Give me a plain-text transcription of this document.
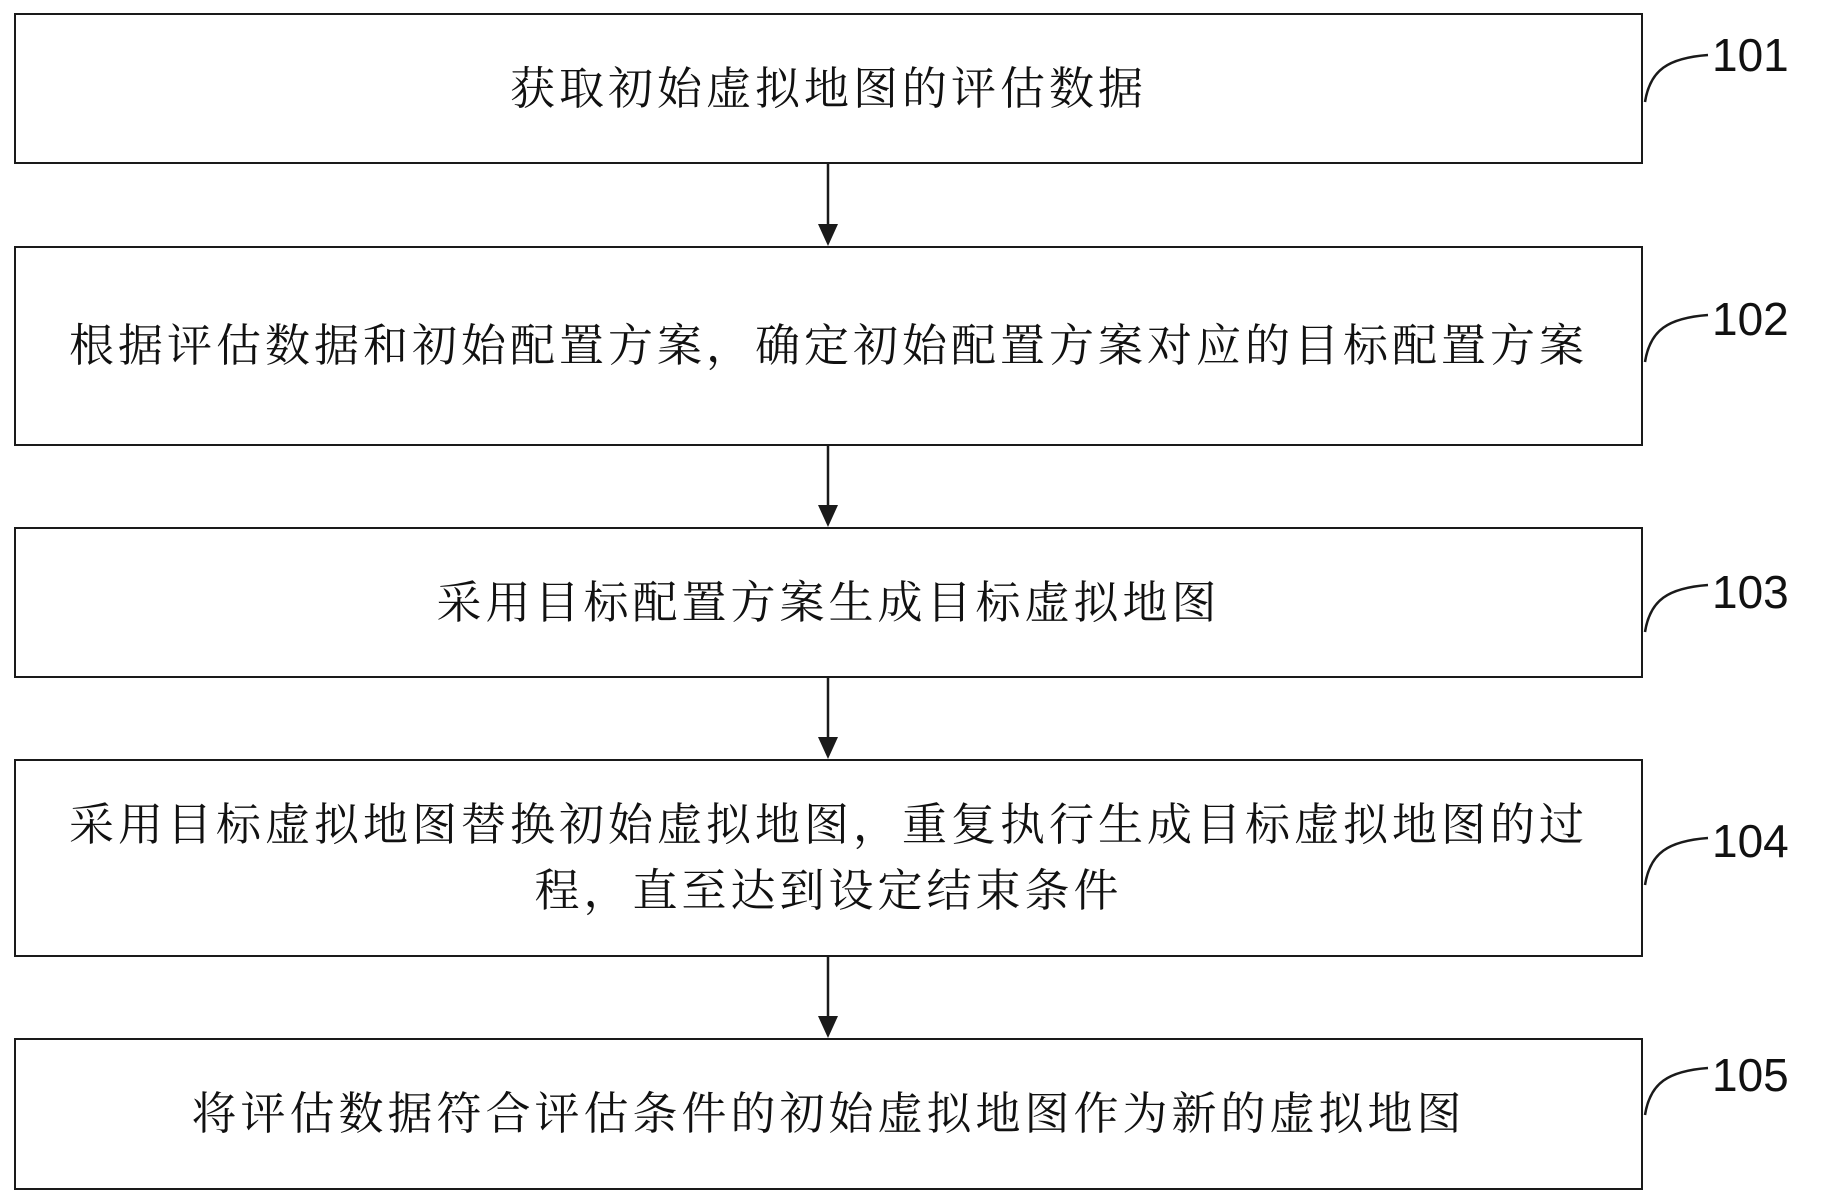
获取初始虚拟地图的评估数据
101
根据评估数据和初始配置方案，确定初始配置方案对应的目标配置方案	102
采用目标配置方案生成目标虚拟地图	103
采用目标虚拟地图替换初始虚拟地图，重复执行生成目标虚拟地图的过程，直至达到设定结束条件
104
将评估数据符合评估条件的初始虚拟地图作为新的虚拟地图
105
